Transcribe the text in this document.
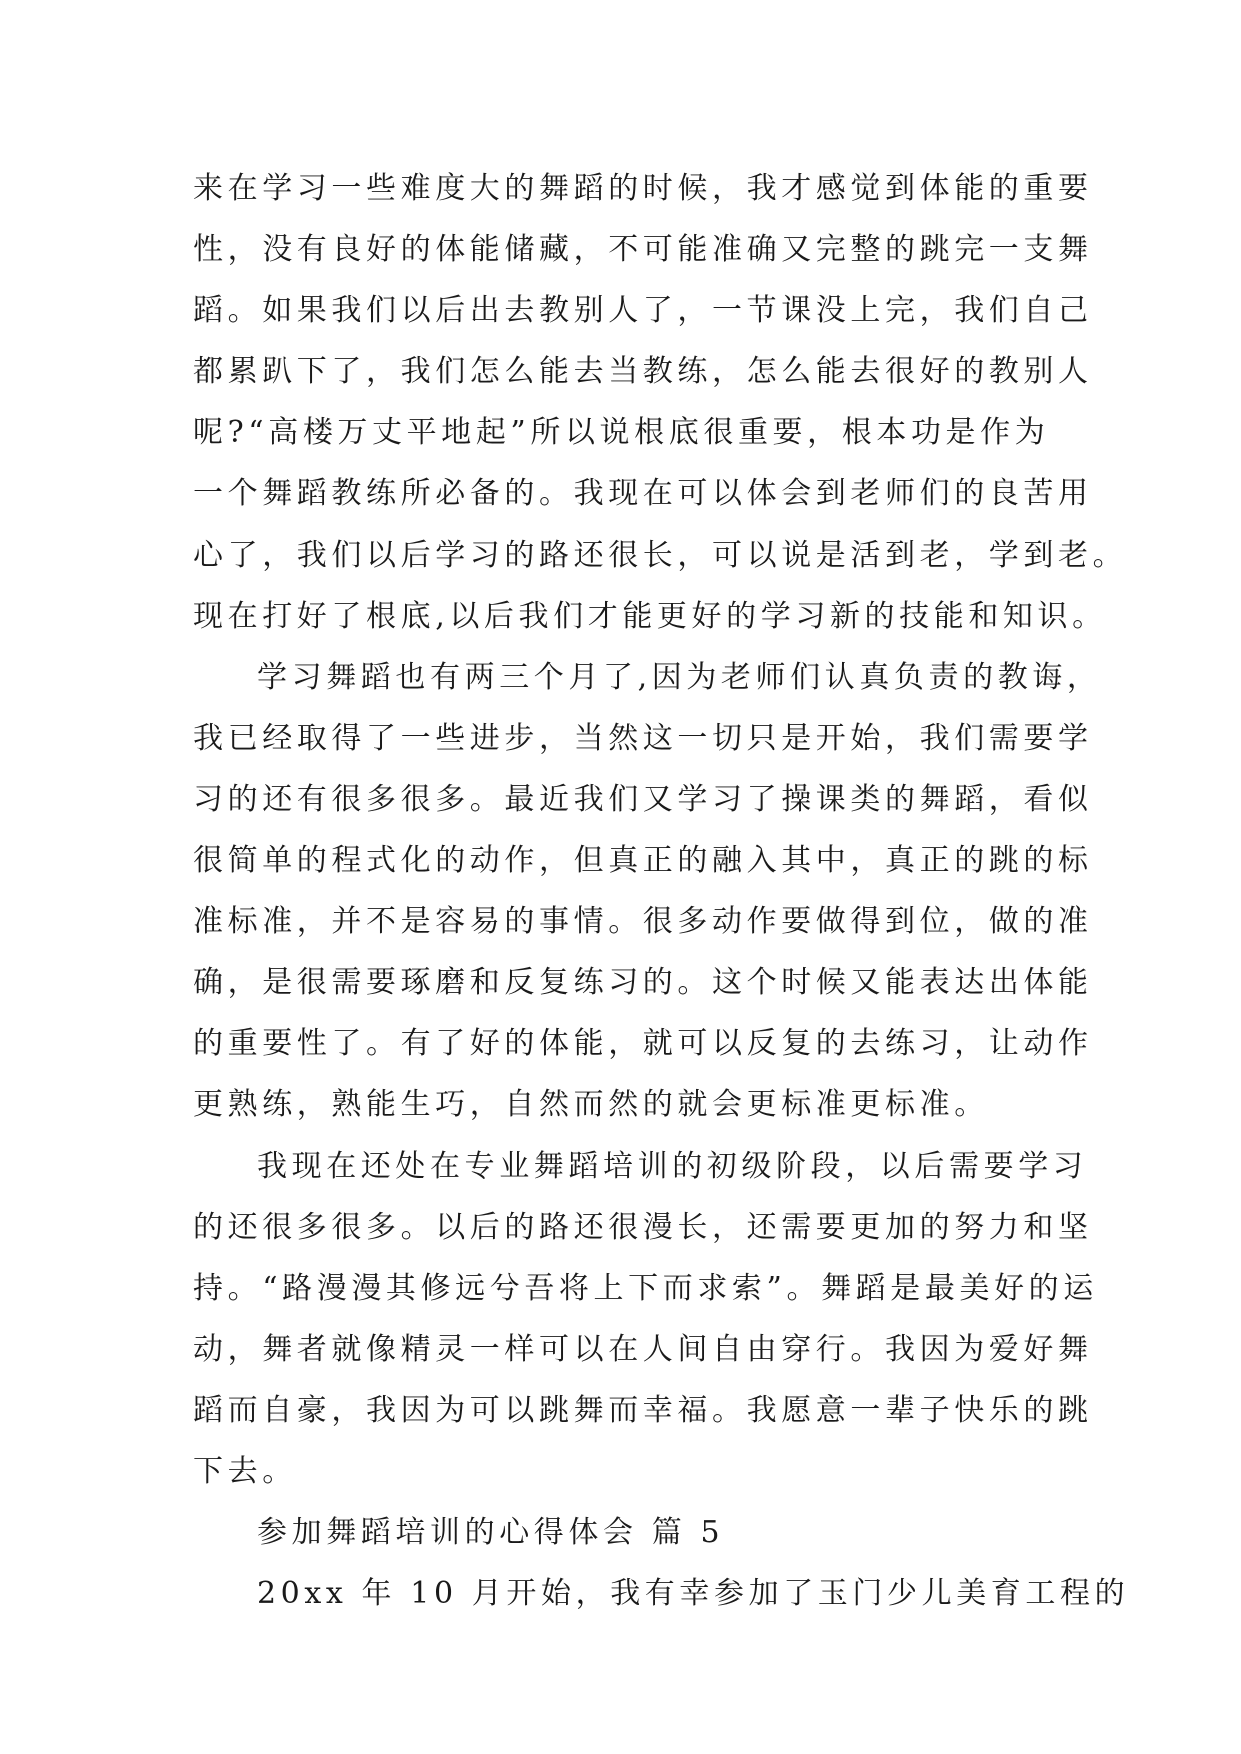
来在学习一些难度大的舞蹈的时候，我才感觉到体能的重要
性，没有良好的体能储藏，不可能准确又完整的跳完一支舞
蹈。如果我们以后出去教别人了，一节课没上完，我们自己
都累趴下了，我们怎么能去当教练，怎么能去很好的教别人
呢?“高楼万丈平地起”所以说根底很重要，根本功是作为
一个舞蹈教练所必备的。我现在可以体会到老师们的良苦用
心了，我们以后学习的路还很长，可以说是活到老，学到老。
现在打好了根底,以后我们才能更好的学习新的技能和知识。
学习舞蹈也有两三个月了,因为老师们认真负责的教诲，
我已经取得了一些进步，当然这一切只是开始，我们需要学
习的还有很多很多。最近我们又学习了操课类的舞蹈，看似
很简单的程式化的动作，但真正的融入其中，真正的跳的标
准标准，并不是容易的事情。很多动作要做得到位，做的准
确，是很需要琢磨和反复练习的。这个时候又能表达出体能
的重要性了。有了好的体能，就可以反复的去练习，让动作
更熟练，熟能生巧，自然而然的就会更标准更标准。
我现在还处在专业舞蹈培训的初级阶段，以后需要学习
的还很多很多。以后的路还很漫长，还需要更加的努力和坚
持。“路漫漫其修远兮吾将上下而求索”。舞蹈是最美好的运
动，舞者就像精灵一样可以在人间自由穿行。我因为爱好舞
蹈而自豪，我因为可以跳舞而幸福。我愿意一辈子快乐的跳
下去。
参加舞蹈培训的心得体会 篇 5
20xx 年 10 月开始，我有幸参加了玉门少儿美育工程的
